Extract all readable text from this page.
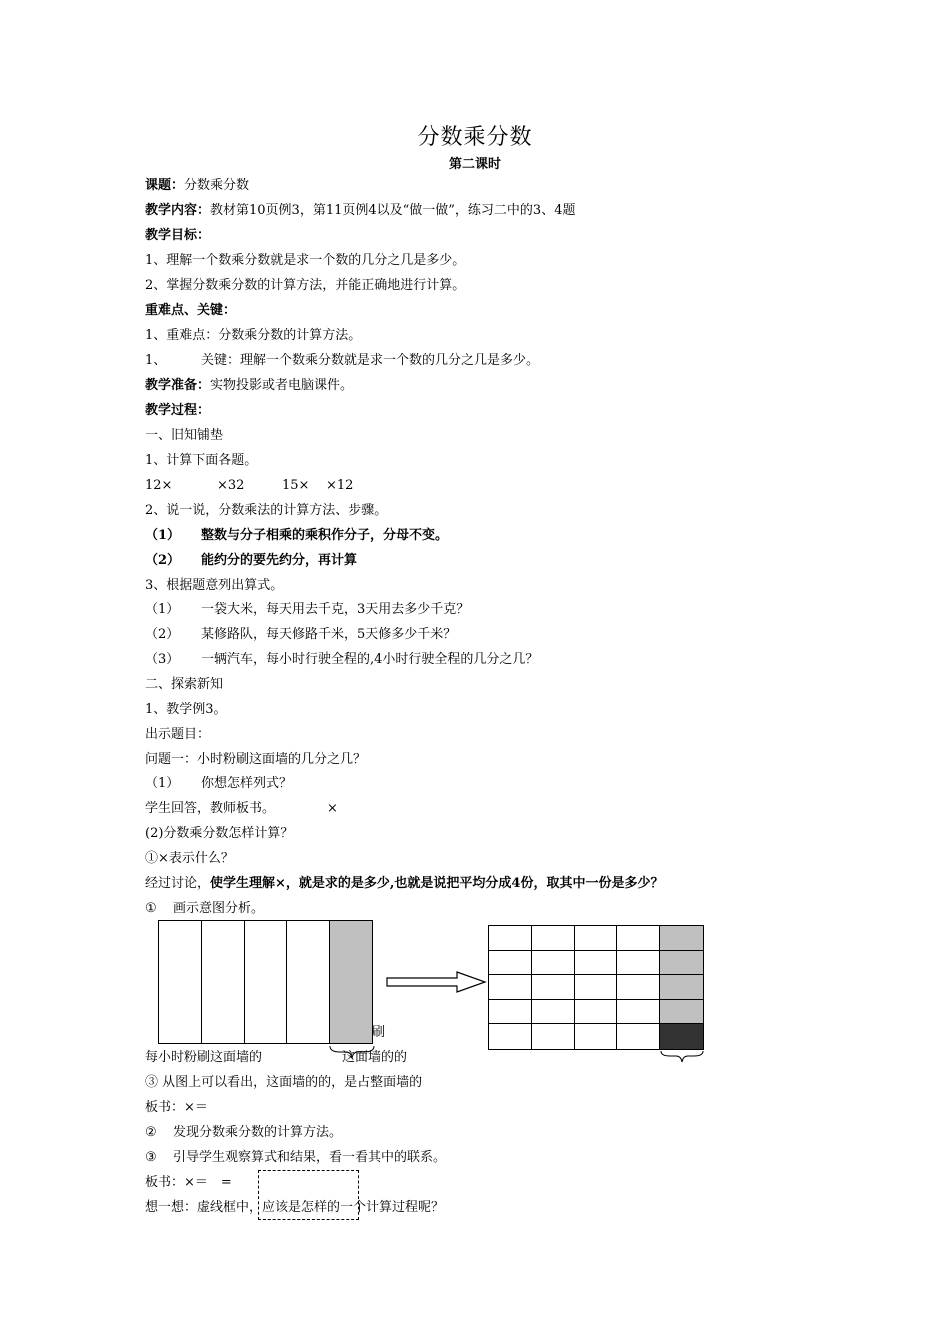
分数乘分数
第二课时
课题：分数乘分数
教学内容：教材第10页例3，第11页例4以及“做一做”，练习二中的3、4题
教学目标：
1、理解一个数乘分数就是求一个数的几分之几是多少。
2、掌握分数乘分数的计算方法，并能正确地进行计算。
重难点、关键：
1、重难点：分数乘分数的计算方法。
1、	关键：理解一个数乘分数就是求一个数的几分之几是多少。
教学准备：实物投影或者电脑课件。
教学过程：
一、旧知铺垫
1、计算下面各题。
12×	×32	15× ×12
2、说一说，分数乘法的计算方法、步骤。
（1） 整数与分子相乘的乘积作分子，分母不变。
（2） 能约分的要先约分，再计算
3、根据题意列出算式。
（1） 一袋大米，每天用去千克，3天用去多少千克？
（2） 某修路队，每天修路千米，5天修多少千米？
（3） 一辆汽车，每小时行驶全程的,4小时行驶全程的几分之几？
二、探索新知
1、教学例3。
出示题目：
问题一：小时粉刷这面墙的几分之几？
（1） 你想怎样列式？
学生回答，教师板书。	×
(2)分数乘分数怎样计算？
①×表示什么？
经过讨论，使学生理解×，就是求的是多少,也就是说把平均分成4份，取其中一份是多少？
① 画示意图分析。
刷
每小时粉刷这面墙的	这面墙的的
③ 从图上可以看出，这面墙的的，是占整面墙的
板书：×＝
② 发现分数乘分数的计算方法。
③ 引导学生观察算式和结果，看一看其中的联系。
板书：×＝　=
想一想：虚线框中，应该是怎样的一个计算过程呢？
